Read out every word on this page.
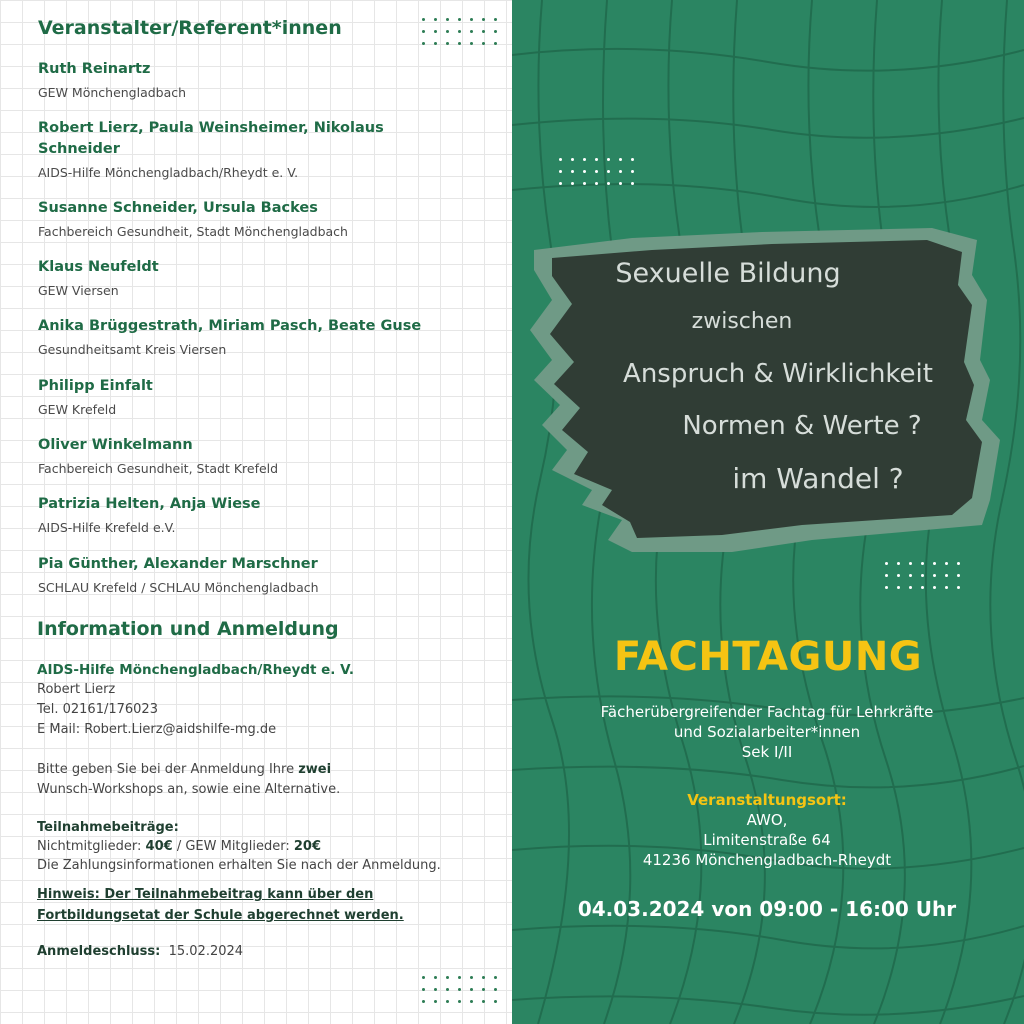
Veranstalter/Referent*innen
Ruth Reinartz
GEW Mönchengladbach
Robert Lierz, Paula Weinsheimer, Nikolaus Schneider
AIDS-Hilfe Mönchengladbach/Rheydt e. V.
Susanne Schneider, Ursula Backes
Fachbereich Gesundheit, Stadt Mönchengladbach
Klaus Neufeldt
GEW Viersen
Anika Brüggestrath, Miriam Pasch, Beate Guse
Gesundheitsamt Kreis Viersen
Philipp Einfalt
GEW Krefeld
Oliver Winkelmann
Fachbereich Gesundheit, Stadt Krefeld
Patrizia Helten, Anja Wiese
AIDS-Hilfe Krefeld e.V.
Pia Günther, Alexander Marschner
SCHLAU Krefeld / SCHLAU Mönchengladbach
Information und Anmeldung
AIDS-Hilfe Mönchengladbach/Rheydt e. V.
Robert Lierz
Tel. 02161/176023
E Mail: Robert.Lierz@aidshilfe-mg.de
Bitte geben Sie bei der Anmeldung Ihre zwei
Wunsch-Workshops an, sowie eine Alternative.
Teilnahmebeiträge:
Nichtmitglieder: 40€ / GEW Mitglieder: 20€
Die Zahlungsinformationen erhalten Sie nach der Anmeldung.
Hinweis: Der Teilnahmebeitrag kann über den Fortbildungsetat der Schule abgerechnet werden.
Anmeldeschluss: 15.02.2024
Sexuelle Bildung
zwischen
Anspruch & Wirklichkeit
Normen & Werte ?
im Wandel ?
Fächerübergreifender Fachtag für Lehrkräfte
und Sozialarbeiter*innen
Sek I/II
Veranstaltungsort:
AWO,
Limitenstraße 64
41236 Mönchengladbach-Rheydt
04.03.2024 von 09:00 - 16:00 Uhr
FACHTAGUNG
